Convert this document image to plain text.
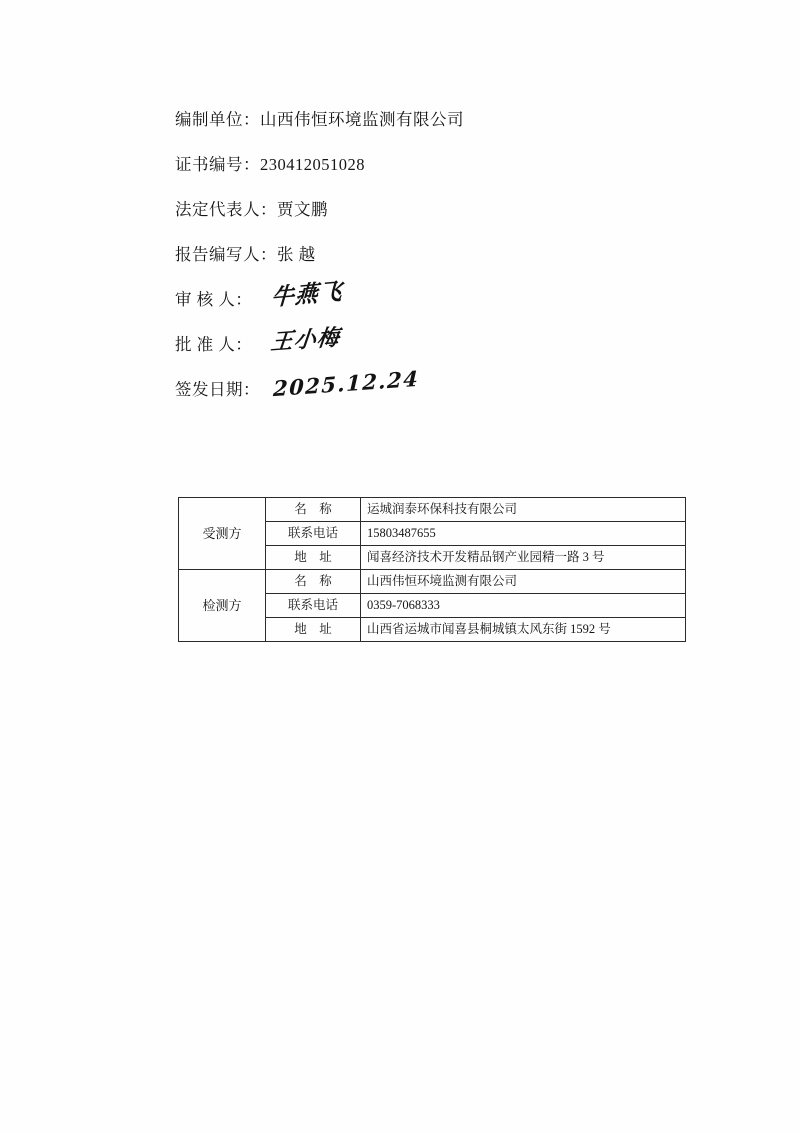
编制单位：山西伟恒环境监测有限公司
证书编号：230412051028
法定代表人：贾文鹏
报告编写人：张 越
审 核 人： 牛燕飞
批 准 人： 王小梅
签发日期： 2025.12.24
受测方	名　称	运城润泰环保科技有限公司
	联系电话	15803487655
	地　址	闻喜经济技术开发精品钢产业园精一路 3 号
检测方	名　称	山西伟恒环境监测有限公司
	联系电话	0359-7068333
	地　址	山西省运城市闻喜县桐城镇太风东街 1592 号
